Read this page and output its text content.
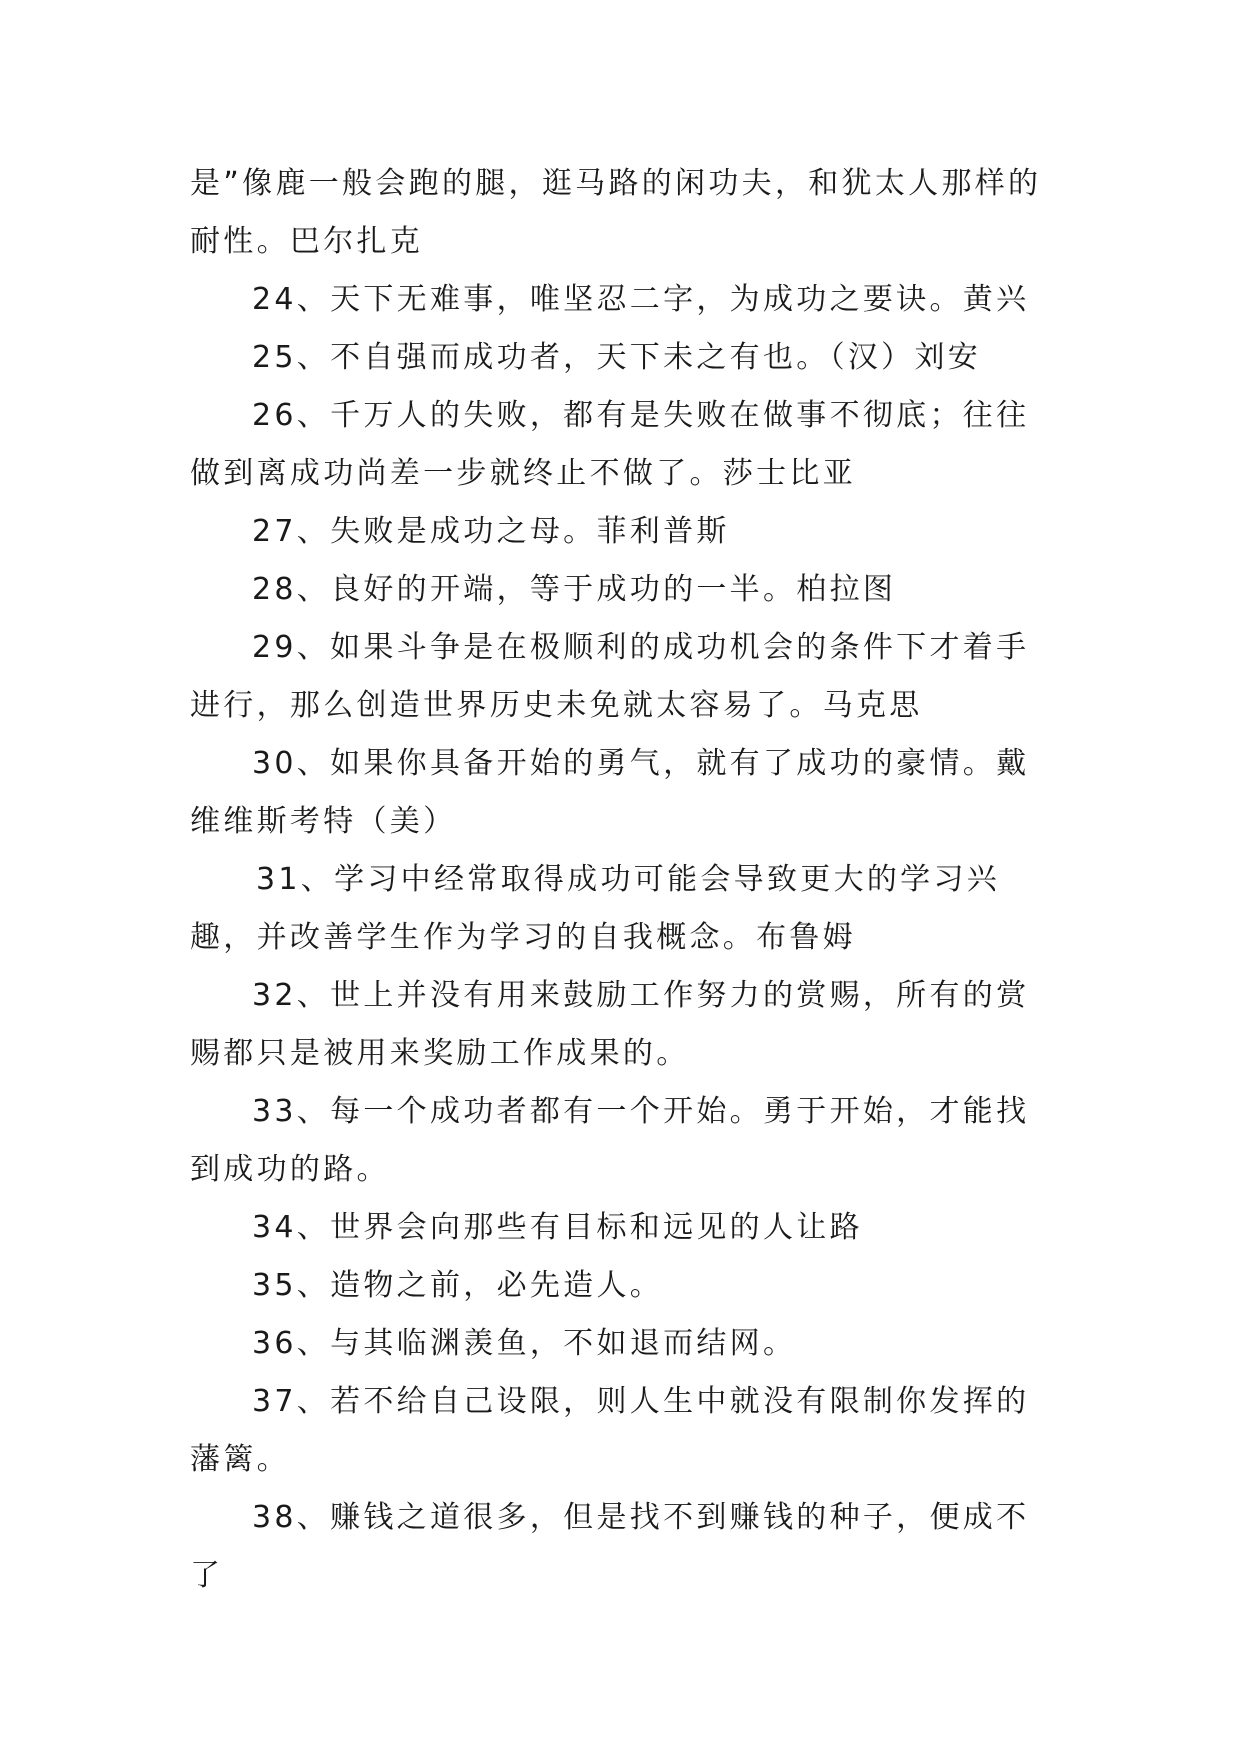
是”像鹿一般会跑的腿，逛马路的闲功夫，和犹太人那样的耐性。巴尔扎克

24、天下无难事，唯坚忍二字，为成功之要诀。黄兴

25、不自强而成功者，天下未之有也。（汉）刘安

26、千万人的失败，都有是失败在做事不彻底；往往做到离成功尚差一步就终止不做了。莎士比亚

27、失败是成功之母。菲利普斯

28、良好的开端，等于成功的一半。柏拉图

29、如果斗争是在极顺利的成功机会的条件下才着手进行，那么创造世界历史未免就太容易了。马克思

30、如果你具备开始的勇气，就有了成功的豪情。戴维维斯考特（美）

31、学习中经常取得成功可能会导致更大的学习兴趣，并改善学生作为学习的自我概念。布鲁姆

32、世上并没有用来鼓励工作努力的赏赐，所有的赏赐都只是被用来奖励工作成果的。

33、每一个成功者都有一个开始。勇于开始，才能找到成功的路。

34、世界会向那些有目标和远见的人让路

35、造物之前，必先造人。

36、与其临渊羡鱼，不如退而结网。

37、若不给自己设限，则人生中就没有限制你发挥的藩篱。

38、赚钱之道很多，但是找不到赚钱的种子，便成不了
